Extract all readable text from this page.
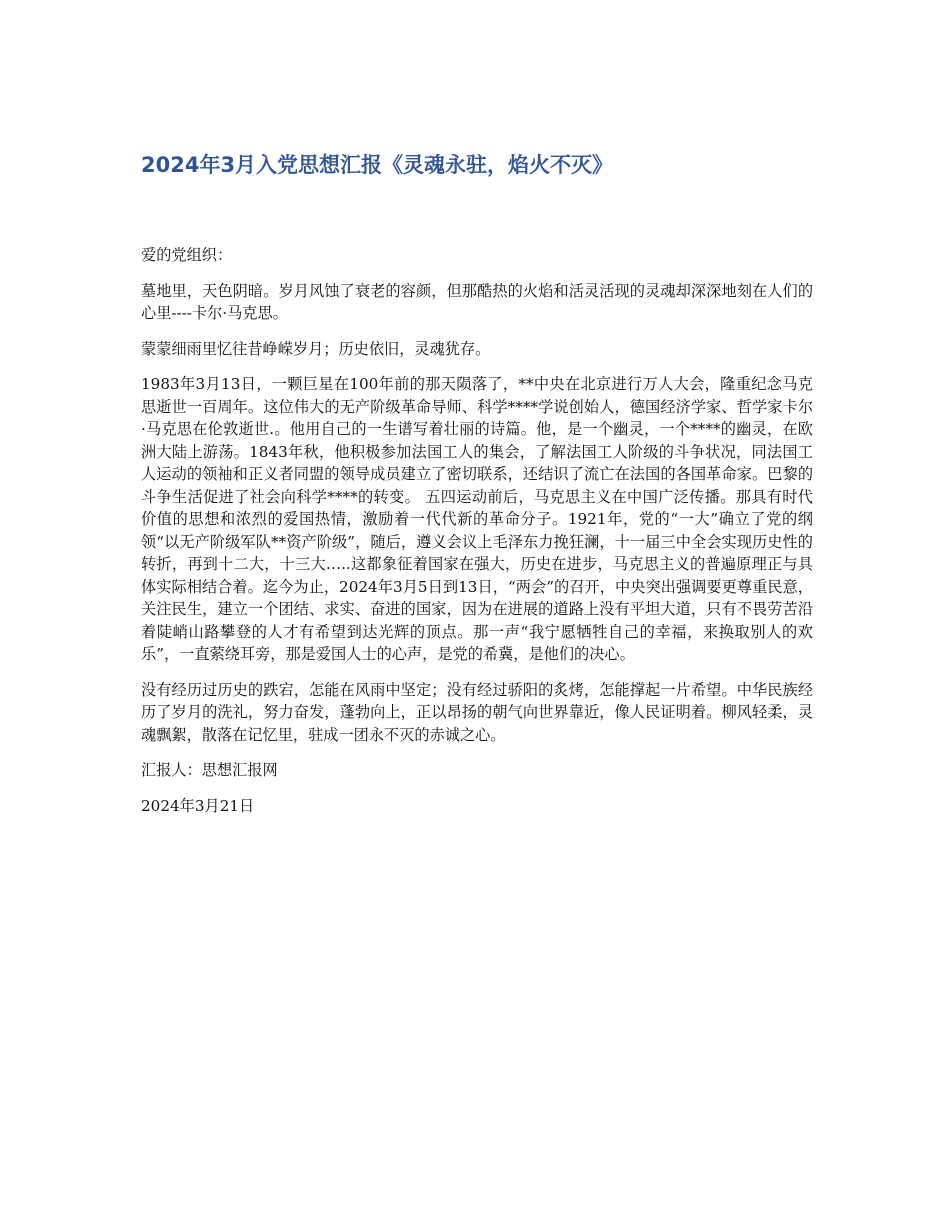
2024年3月入党思想汇报《灵魂永驻，焰火不灭》

爱的党组织：

墓地里，天色阴暗。岁月风蚀了衰老的容颜，但那酷热的火焰和活灵活现的灵魂却深深地刻在人们的心里----卡尔·马克思。

蒙蒙细雨里忆往昔峥嵘岁月；历史依旧，灵魂犹存。

1983年3月13日，一颗巨星在100年前的那天陨落了，**中央在北京进行万人大会，隆重纪念马克思逝世一百周年。这位伟大的无产阶级革命导师、科学****学说创始人，德国经济学家、哲学家卡尔·马克思在伦敦逝世.。他用自己的一生谱写着壮丽的诗篇。他，是一个幽灵，一个****的幽灵，在欧洲大陆上游荡。1843年秋，他积极参加法国工人的集会，了解法国工人阶级的斗争状况，同法国工人运动的领袖和正义者同盟的领导成员建立了密切联系，还结识了流亡在法国的各国革命家。巴黎的斗争生活促进了社会向科学****的转变。 五四运动前后，马克思主义在中国广泛传播。那具有时代价值的思想和浓烈的爱国热情，激励着一代代新的革命分子。1921年，党的“一大”确立了党的纲领“以无产阶级军队**资产阶级”，随后，遵义会议上毛泽东力挽狂澜，十一届三中全会实现历史性的转折，再到十二大，十三大…..这都象征着国家在强大，历史在进步，马克思主义的普遍原理正与具体实际相结合着。迄今为止，2024年3月5日到13日，“两会”的召开，中央突出强调要更尊重民意，关注民生，建立一个团结、求实、奋进的国家，因为在进展的道路上没有平坦大道，只有不畏劳苦沿着陡峭山路攀登的人才有希望到达光辉的顶点。那一声“我宁愿牺牲自己的幸福，来换取别人的欢乐”，一直萦绕耳旁，那是爱国人士的心声，是党的希冀，是他们的决心。

没有经历过历史的跌宕，怎能在风雨中坚定；没有经过骄阳的炙烤，怎能撑起一片希望。中华民族经历了岁月的洗礼，努力奋发，蓬勃向上，正以昂扬的朝气向世界靠近，像人民证明着。柳风轻柔，灵魂飘絮，散落在记忆里，驻成一团永不灭的赤诚之心。

汇报人：思想汇报网

2024年3月21日
